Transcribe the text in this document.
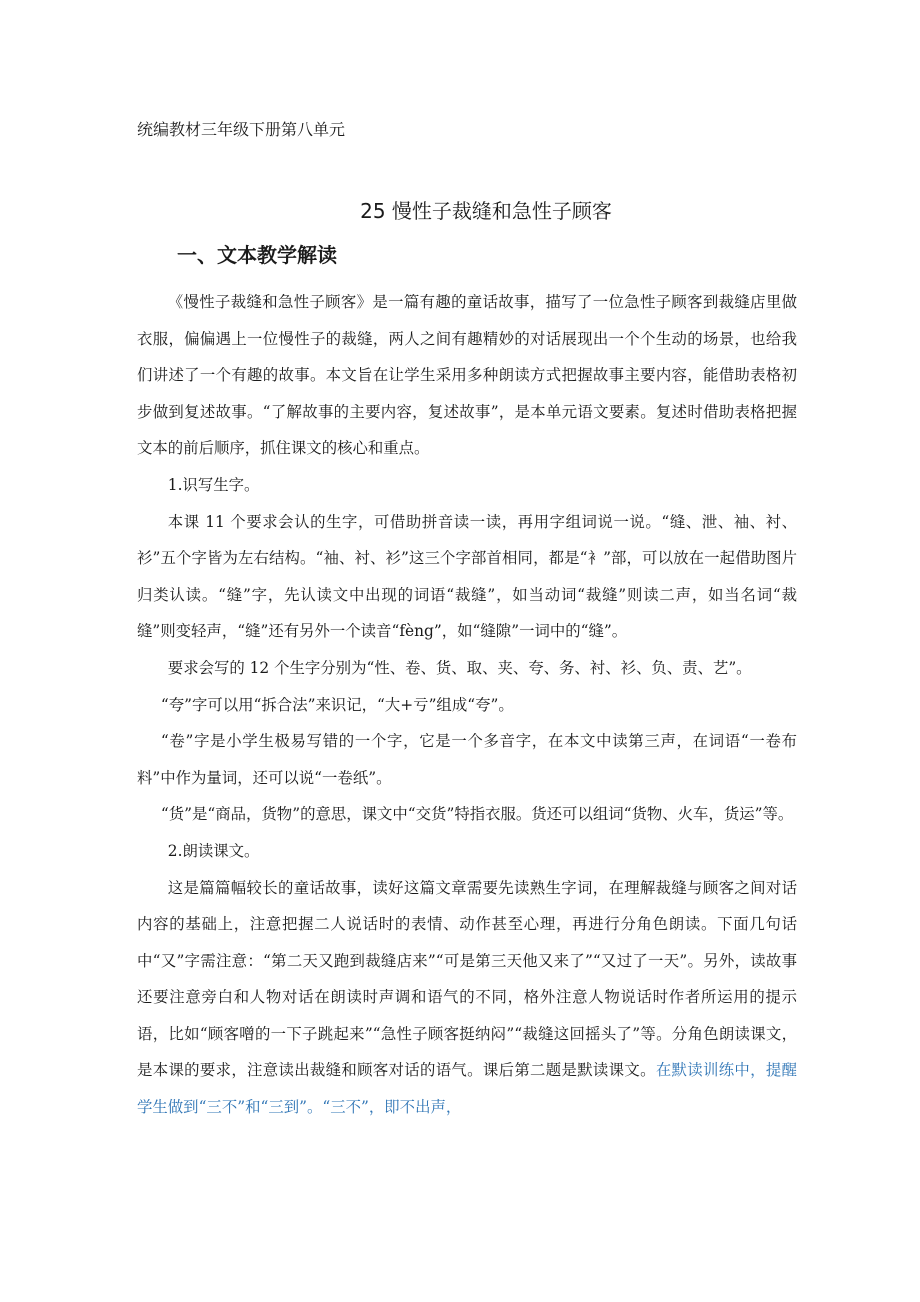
统编教材三年级下册第八单元
25 慢性子裁缝和急性子顾客
一、文本教学解读

《慢性子裁缝和急性子顾客》是一篇有趣的童话故事，描写了一位急性子顾客到裁缝店里做衣服，偏偏遇上一位慢性子的裁缝，两人之间有趣精妙的对话展现出一个个生动的场景，也给我们讲述了一个有趣的故事。本文旨在让学生采用多种朗读方式把握故事主要内容，能借助表格初步做到复述故事。“了解故事的主要内容，复述故事”，是本单元语文要素。复述时借助表格把握文本的前后顺序，抓住课文的核心和重点。

1.识写生字。

本课 11 个要求会认的生字，可借助拼音读一读，再用字组词说一说。“缝、泄、袖、衬、衫”五个字皆为左右结构。“袖、衬、衫”这三个字部首相同，都是“衤”部，可以放在一起借助图片归类认读。“缝”字，先认读文中出现的词语“裁缝”，如当动词“裁缝”则读二声，如当名词“裁缝”则变轻声，“缝”还有另外一个读音“fèng”，如“缝隙”一词中的“缝”。

要求会写的 12 个生字分别为“性、卷、货、取、夹、夸、务、衬、衫、负、责、艺”。

“夸”字可以用“拆合法”来识记，“大+亏”组成“夸”。

“卷”字是小学生极易写错的一个字，它是一个多音字，在本文中读第三声，在词语“一卷布料”中作为量词，还可以说“一卷纸”。

“货”是“商品，货物”的意思，课文中“交货”特指衣服。货还可以组词“货物、火车，货运”等。

2.朗读课文。

这是篇篇幅较长的童话故事，读好这篇文章需要先读熟生字词，在理解裁缝与顾客之间对话内容的基础上，注意把握二人说话时的表情、动作甚至心理，再进行分角色朗读。下面几句话中“又”字需注意：“第二天又跑到裁缝店来”“可是第三天他又来了”“又过了一天”。另外，读故事还要注意旁白和人物对话在朗读时声调和语气的不同，格外注意人物说话时作者所运用的提示语，比如“顾客噌的一下子跳起来”“急性子顾客挺纳闷”“裁缝这回摇头了”等。分角色朗读课文，是本课的要求，注意读出裁缝和顾客对话的语气。课后第二题是默读课文。在默读训练中，提醒学生做到“三不”和“三到”。“三不”，即不出声，
